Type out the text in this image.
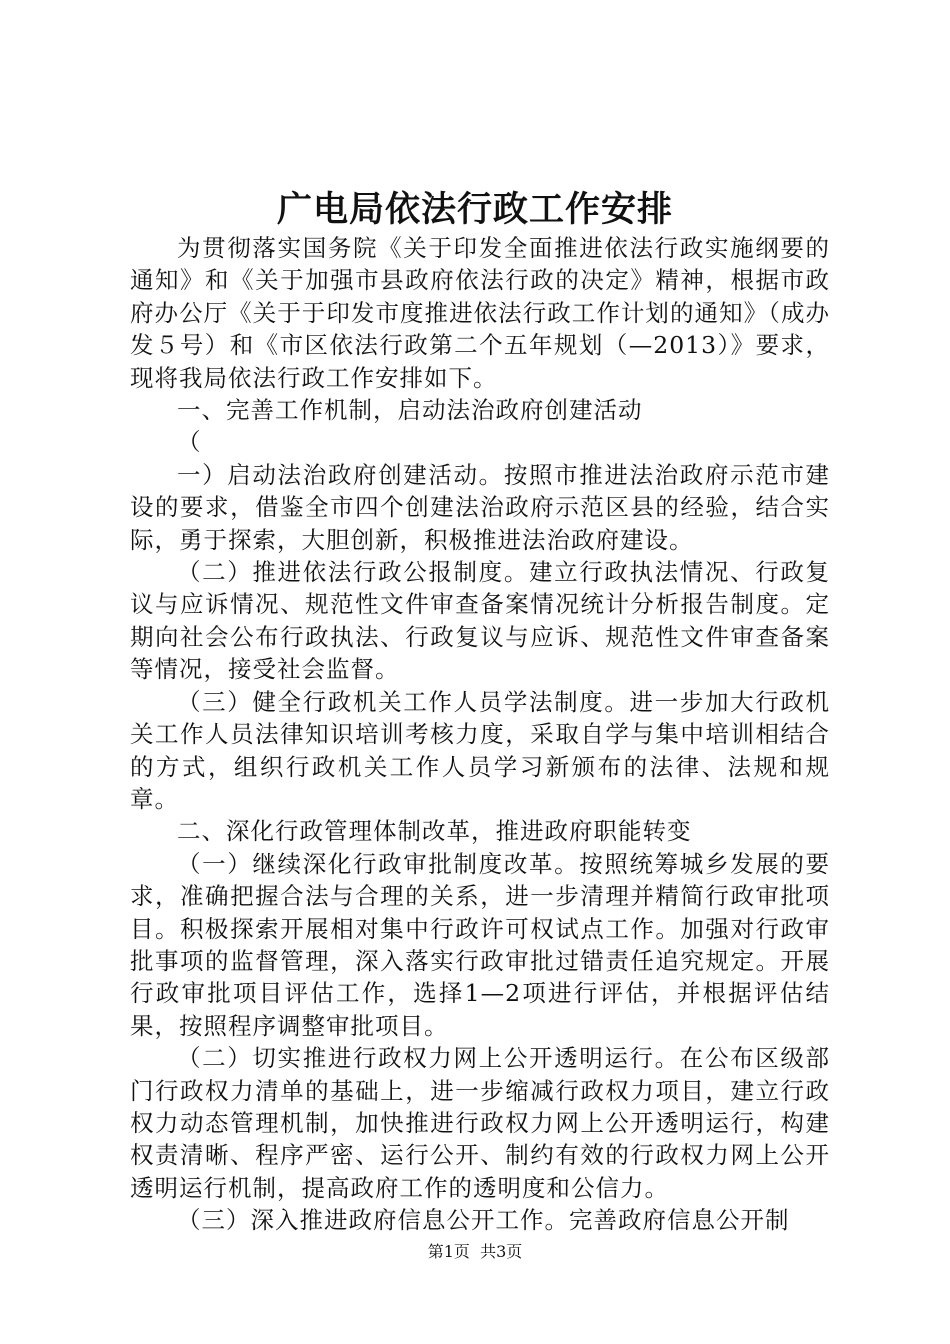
广电局依法行政工作安排

为贯彻落实国务院《关于印发全面推进依法行政实施纲要的通知》和《关于加强市县政府依法行政的决定》精神，根据市政府办公厅《关于于印发市度推进依法行政工作计划的通知》（成办发５号）和《市区依法行政第二个五年规划（—2013）》要求，现将我局依法行政工作安排如下。

一、完善工作机制，启动法治政府创建活动

（

一）启动法治政府创建活动。按照市推进法治政府示范市建设的要求，借鉴全市四个创建法治政府示范区县的经验，结合实际，勇于探索，大胆创新，积极推进法治政府建设。

（二）推进依法行政公报制度。建立行政执法情况、行政复议与应诉情况、规范性文件审查备案情况统计分析报告制度。定期向社会公布行政执法、行政复议与应诉、规范性文件审查备案等情况，接受社会监督。

（三）健全行政机关工作人员学法制度。进一步加大行政机关工作人员法律知识培训考核力度，采取自学与集中培训相结合的方式，组织行政机关工作人员学习新颁布的法律、法规和规章。

二、深化行政管理体制改革，推进政府职能转变

（一）继续深化行政审批制度改革。按照统筹城乡发展的要求，准确把握合法与合理的关系，进一步清理并精简行政审批项目。积极探索开展相对集中行政许可权试点工作。加强对行政审批事项的监督管理，深入落实行政审批过错责任追究规定。开展行政审批项目评估工作，选择1—2项进行评估，并根据评估结果，按照程序调整审批项目。

（二）切实推进行政权力网上公开透明运行。在公布区级部门行政权力清单的基础上，进一步缩减行政权力项目，建立行政权力动态管理机制，加快推进行政权力网上公开透明运行，构建权责清晰、程序严密、运行公开、制约有效的行政权力网上公开透明运行机制，提高政府工作的透明度和公信力。

（三）深入推进政府信息公开工作。完善政府信息公开制

第1页  共3页
